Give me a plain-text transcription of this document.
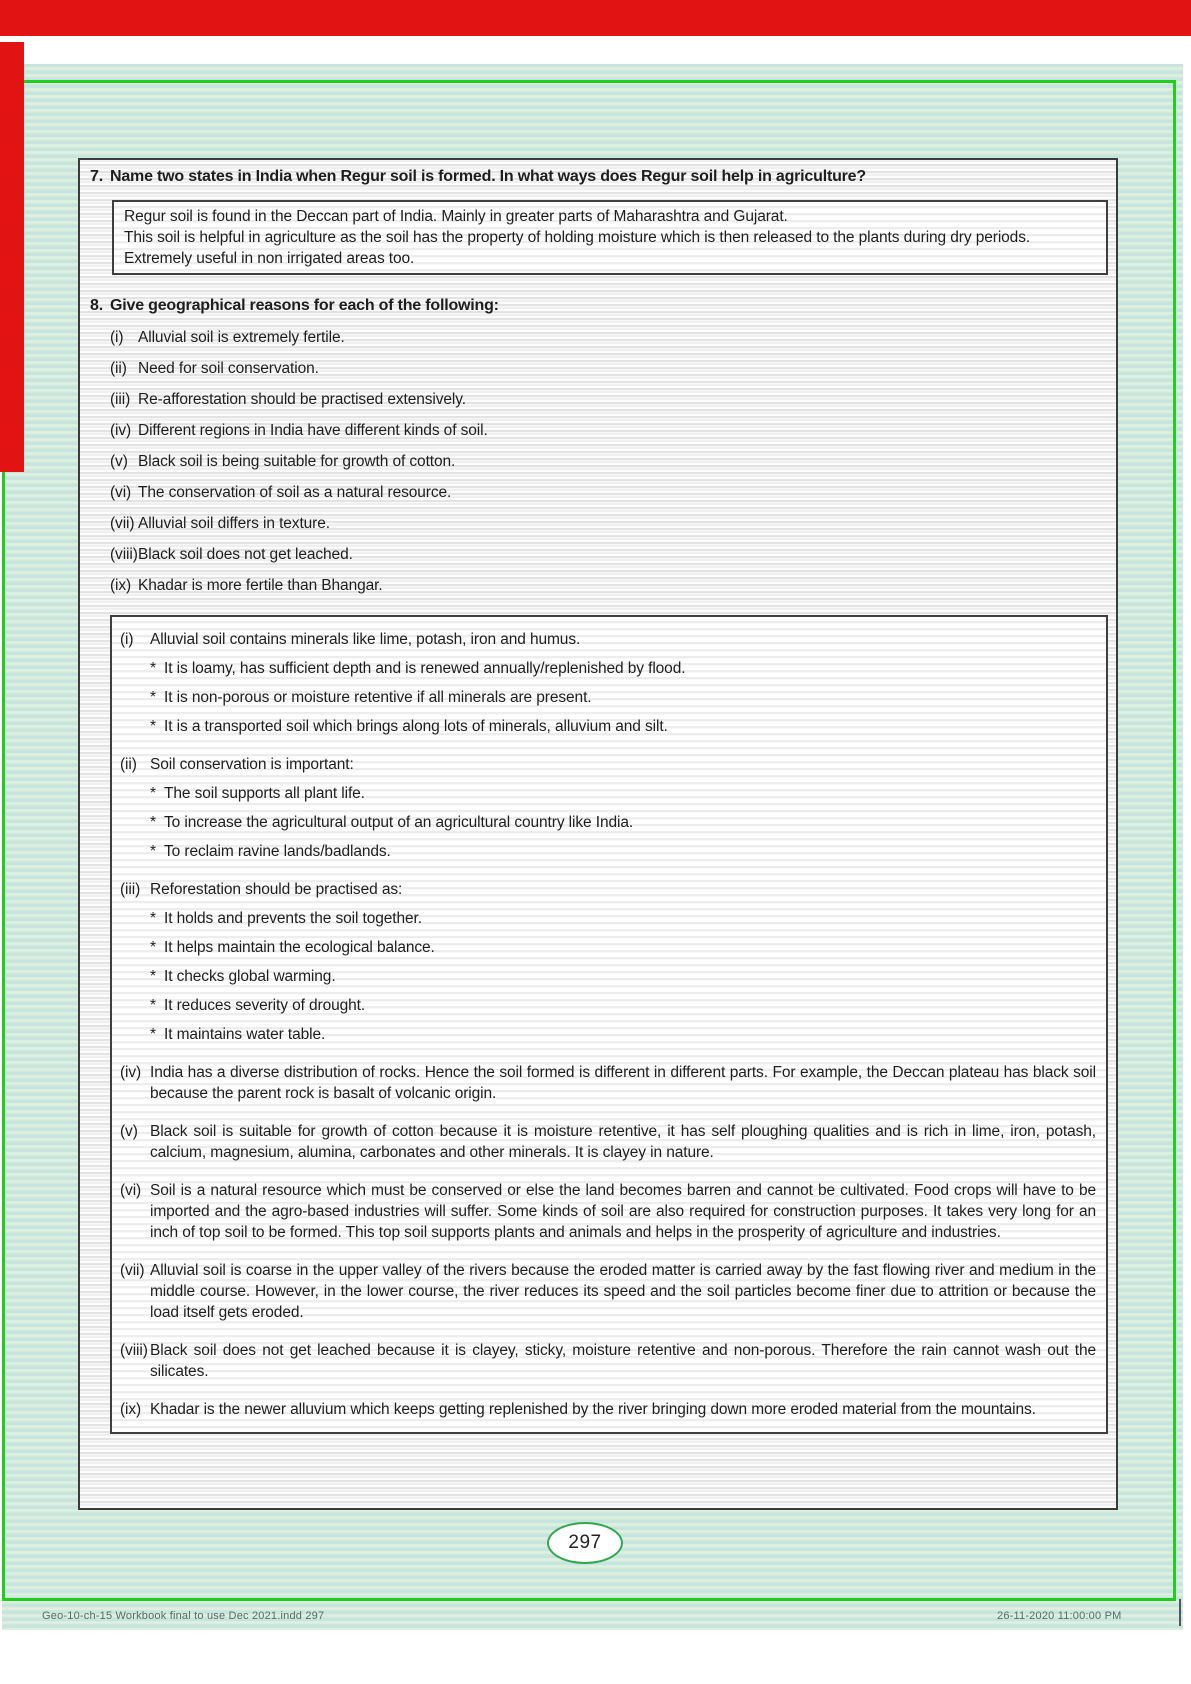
7. Name two states in India when Regur soil is formed. In what ways does Regur soil help in agriculture?
Regur soil is found in the Deccan part of India. Mainly in greater parts of Maharashtra and Gujarat.
This soil is helpful in agriculture as the soil has the property of holding moisture which is then released to the plants during dry periods. Extremely useful in non irrigated areas too.
8. Give geographical reasons for each of the following:
(i) Alluvial soil is extremely fertile.
(ii) Need for soil conservation.
(iii) Re-afforestation should be practised extensively.
(iv) Different regions in India have different kinds of soil.
(v) Black soil is being suitable for growth of cotton.
(vi) The conservation of soil as a natural resource.
(vii) Alluvial soil differs in texture.
(viii) Black soil does not get leached.
(ix) Khadar is more fertile than Bhangar.
(i) Alluvial soil contains minerals like lime, potash, iron and humus.
* It is loamy, has sufficient depth and is renewed annually/replenished by flood.
* It is non-porous or moisture retentive if all minerals are present.
* It is a transported soil which brings along lots of minerals, alluvium and silt.
(ii) Soil conservation is important:
* The soil supports all plant life.
* To increase the agricultural output of an agricultural country like India.
* To reclaim ravine lands/badlands.
(iii) Reforestation should be practised as:
* It holds and prevents the soil together.
* It helps maintain the ecological balance.
* It checks global warming.
* It reduces severity of drought.
* It maintains water table.
(iv) India has a diverse distribution of rocks. Hence the soil formed is different in different parts. For example, the Deccan plateau has black soil because the parent rock is basalt of volcanic origin.
(v) Black soil is suitable for growth of cotton because it is moisture retentive, it has self ploughing qualities and is rich in lime, iron, potash, calcium, magnesium, alumina, carbonates and other minerals. It is clayey in nature.
(vi) Soil is a natural resource which must be conserved or else the land becomes barren and cannot be cultivated. Food crops will have to be imported and the agro-based industries will suffer. Some kinds of soil are also required for construction purposes. It takes very long for an inch of top soil to be formed. This top soil supports plants and animals and helps in the prosperity of agriculture and industries.
(vii) Alluvial soil is coarse in the upper valley of the rivers because the eroded matter is carried away by the fast flowing river and medium in the middle course. However, in the lower course, the river reduces its speed and the soil particles become finer due to attrition or because the load itself gets eroded.
(viii) Black soil does not get leached because it is clayey, sticky, moisture retentive and non-porous. Therefore the rain cannot wash out the silicates.
(ix) Khadar is the newer alluvium which keeps getting replenished by the river bringing down more eroded material from the mountains.
297
Geo-10-ch-15 Workbook final to use Dec 2021.indd 297	26-11-2020 11:00:00 PM
